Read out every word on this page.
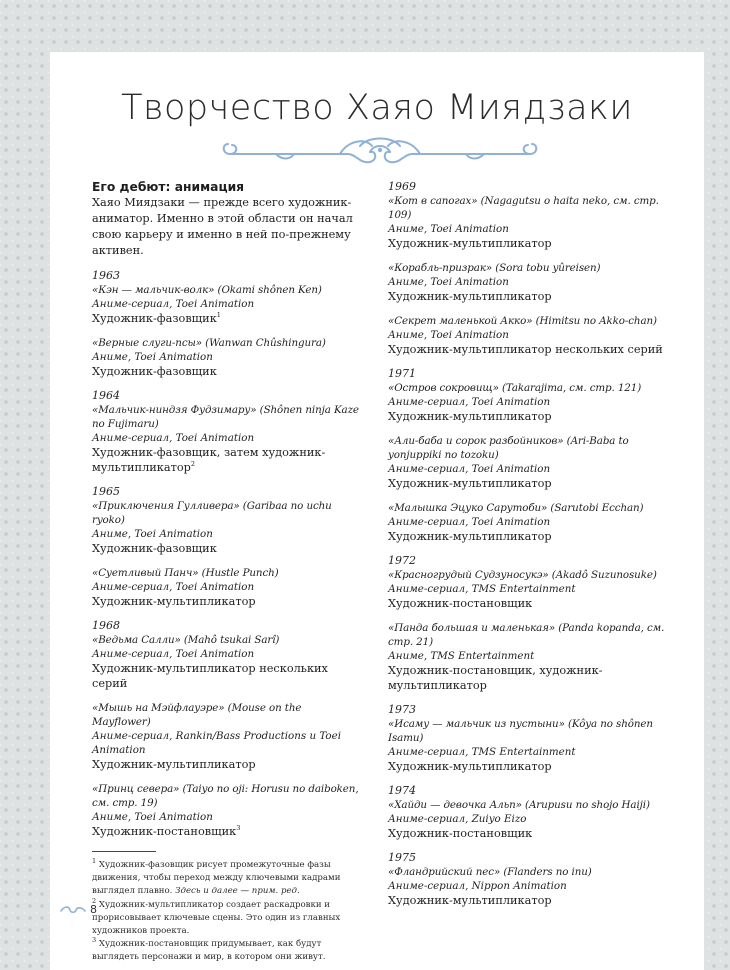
Творчество Хаяо Миядзаки
Его дебют: анимация
Хаяо Миядзаки — прежде всего художник-аниматор. Именно в этой области он начал свою карьеру и именно в ней по-прежнему активен.
1963
«Кэн — мальчик-волк» (Okami shônen Ken)
Аниме-сериал, Toei Animation
Художник-фазовщик$^1$
«Верные слуги-псы» (Wanwan Chûshingura)
Аниме, Toei Animation
Художник-фазовщик
1964
«Мальчик-ниндзя Фудзимару» (Shônen ninja Kaze no Fujimaru)
Аниме-сериал, Toei Animation
Художник-фазовщик, затем художник-мультипликатор$^2$
1965
«Приключения Гулливера» (Garibaa no uchu ryoko)
Аниме, Toei Animation
Художник-фазовщик
«Суетливый Панч» (Hustle Punch)
Аниме-сериал, Toei Animation
Художник-мультипликатор
1968
«Ведьма Салли» (Mahô tsukai Sarî)
Аниме-сериал, Toei Animation
Художник-мультипликатор нескольких серий
«Мышь на Мэйфлауэре» (Mouse on the Mayflower)
Аниме-сериал, Rankin/Bass Productions и Toei Animation
Художник-мультипликатор
«Принц севера» (Taiyo no oji: Horusu no daiboken, см. стр. 19)
Аниме, Toei Animation
Художник-постановщик$^3$

$^1$ Художник-фазовщик рисует промежуточные фазы движения, чтобы переход между ключевыми кадрами выглядел плавно. Здесь и далее — прим. ред.

$^2$ Художник-мультипликатор создает раскадровки и прорисовывает ключевые сцены. Это один из главных художников проекта.

$^3$ Художник-постановщик придумывает, как будут выглядеть персонажи и мир, в котором они живут.

1969
«Кот в сапогах» (Nagagutsu o haita neko, см. стр. 109)
Аниме, Toei Animation
Художник-мультипликатор
«Корабль-призрак» (Sora tobu yûreisen)
Аниме, Toei Animation
Художник-мультипликатор
«Секрет маленькой Акко» (Himitsu no Akko-chan)
Аниме, Toei Animation
Художник-мультипликатор нескольких серий
1971
«Остров сокровищ» (Takarajima, см. стр. 121)
Аниме-сериал, Toei Animation
Художник-мультипликатор
«Али-баба и сорок разбойников» (Ari-Baba to yonjuppiki no tozoku)
Аниме-сериал, Toei Animation
Художник-мультипликатор
«Малышка Эцуко Сарутоби» (Sarutobi Ecchan)
Аниме-сериал, Toei Animation
Художник-мультипликатор
1972
«Красногрудый Судзуносукэ» (Akadô Suzunosuke)
Аниме-сериал, TMS Entertainment
Художник-постановщик
«Панда большая и маленькая» (Panda kopanda, см. стр. 21)
Аниме, TMS Entertainment
Художник-постановщик, художник-мультипликатор
1973
«Исаму — мальчик из пустыни» (Kôya no shônen Isamu)
Аниме-сериал, TMS Entertainment
Художник-мультипликатор
1974
«Хайди — девочка Альп» (Arupusu no shojo Haiji)
Аниме-сериал, Zuiyo Eizo
Художник-постановщик
1975
«Фландрийский пес» (Flanders no inu)
Аниме-сериал, Nippon Animation
Художник-мультипликатор
8
